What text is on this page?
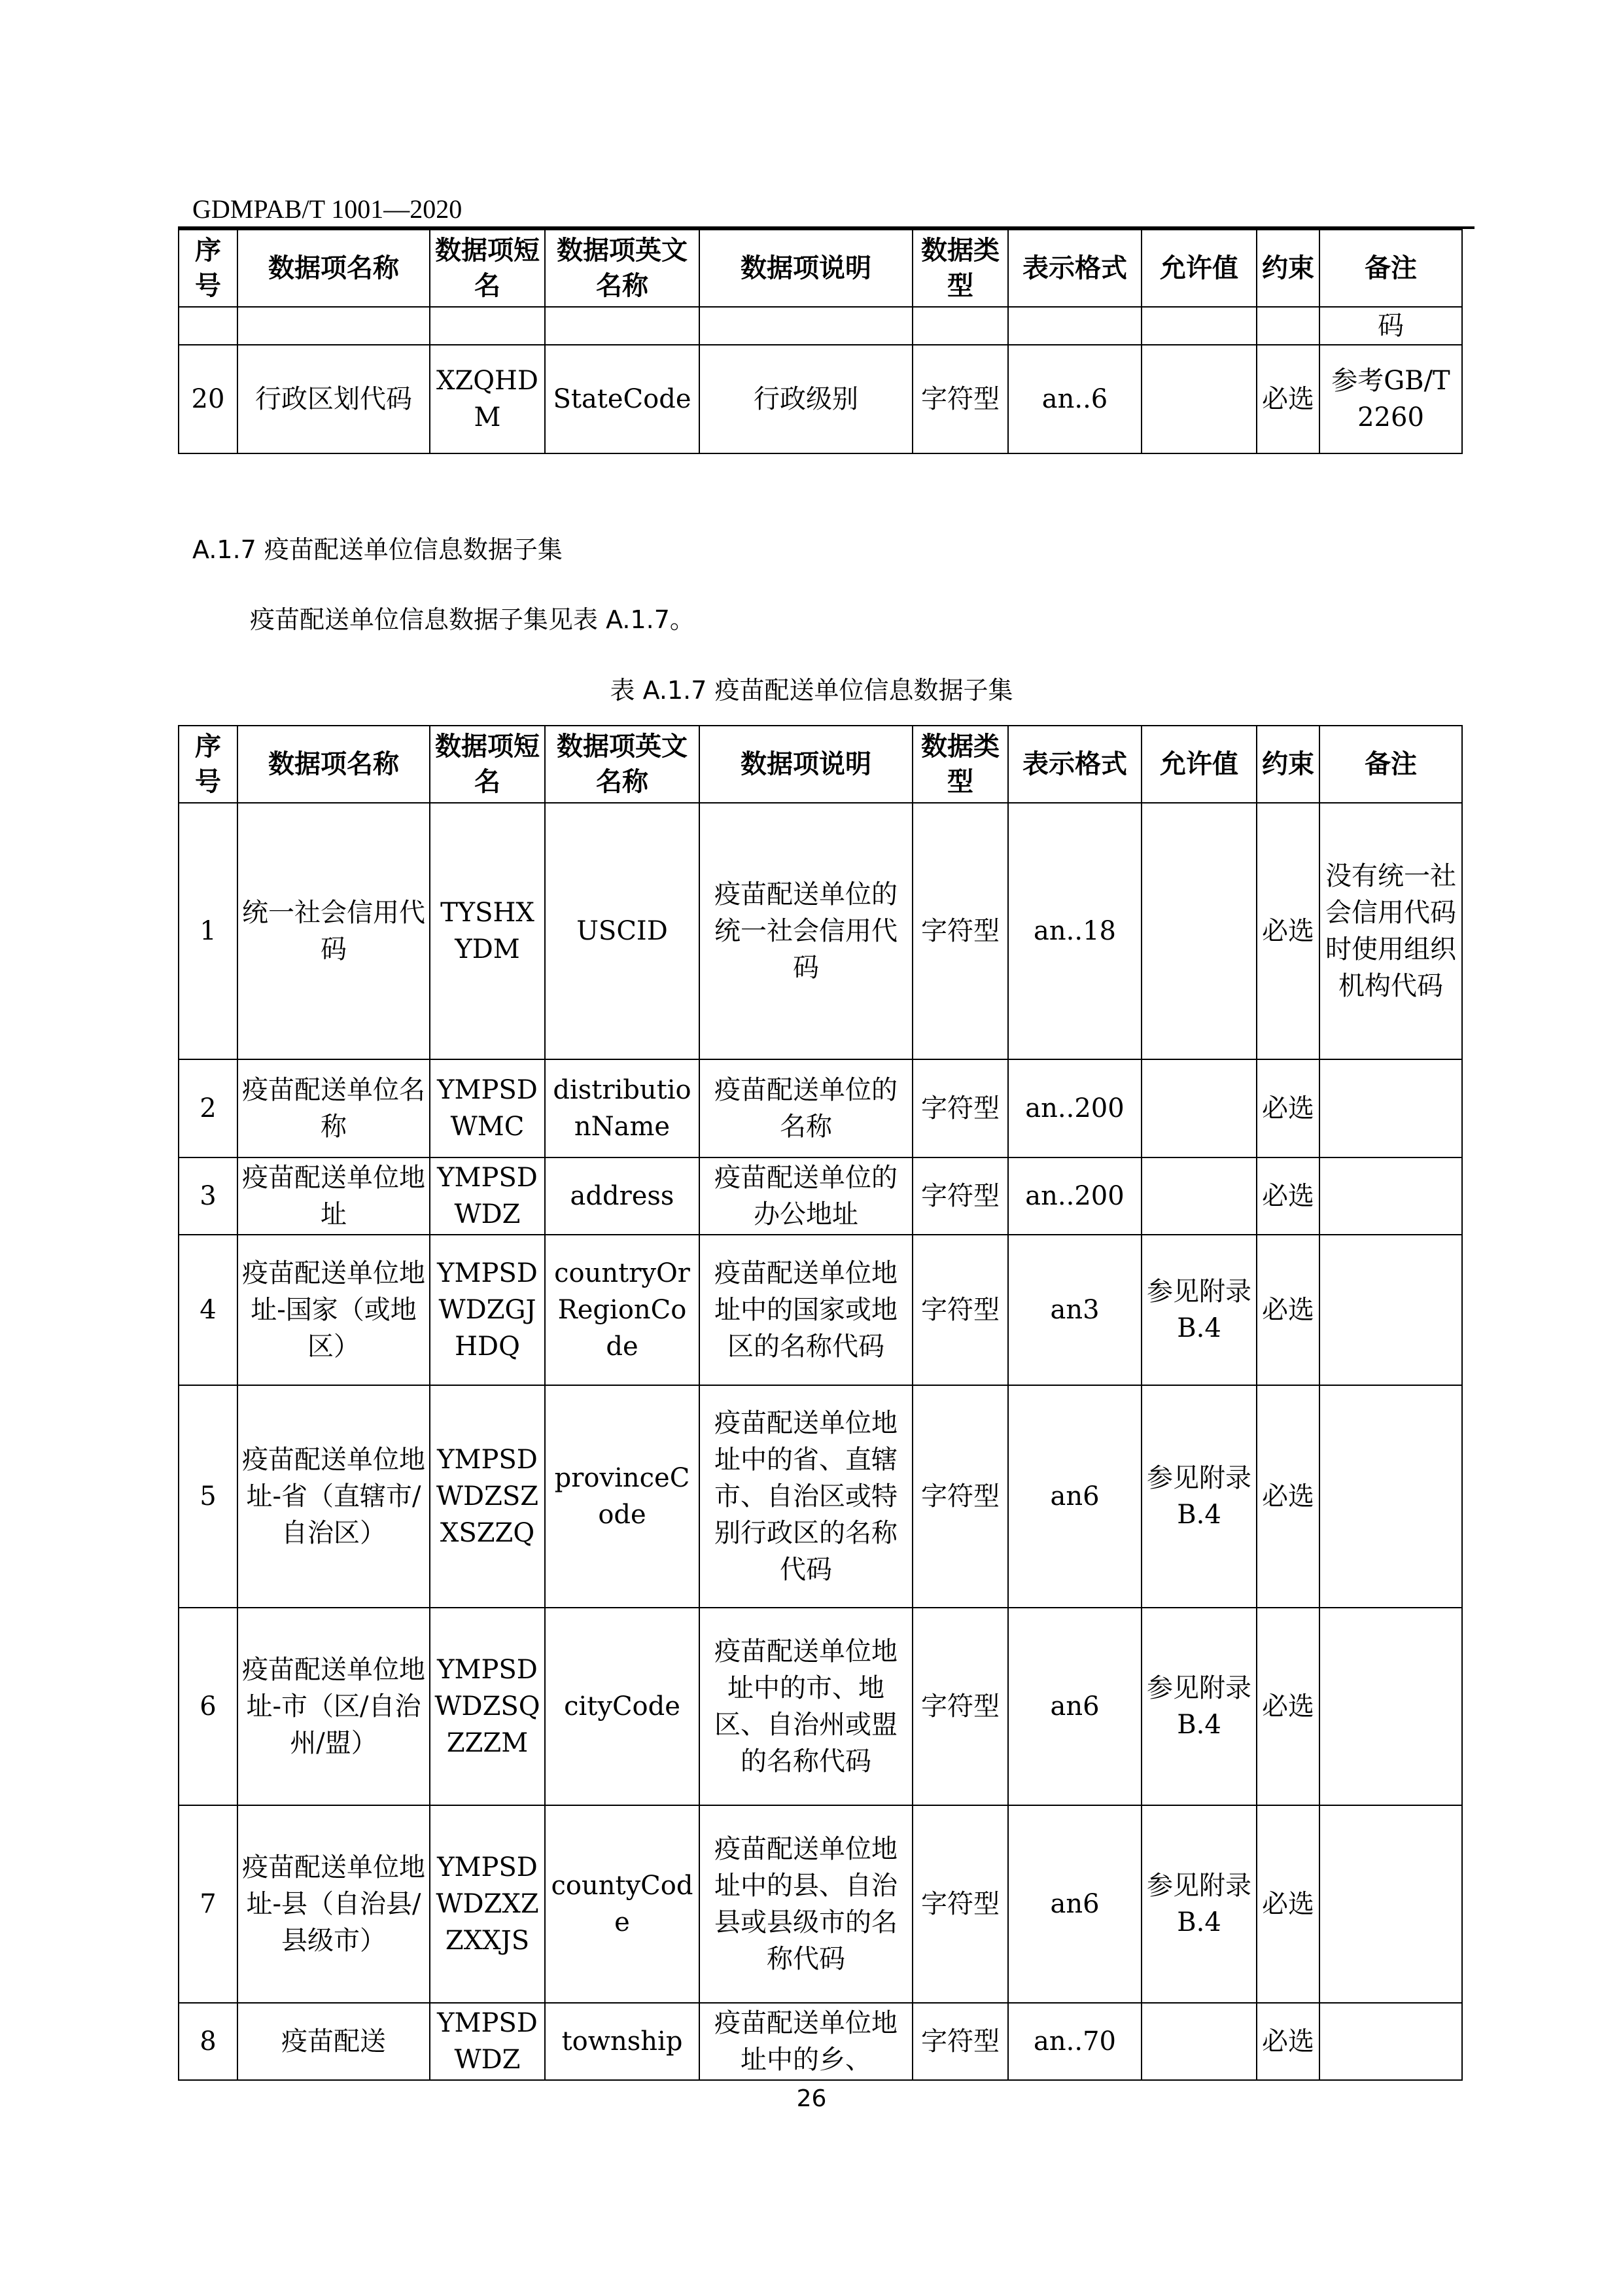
GDMPAB/T 1001—2020
序号	数据项名称	数据项短名	数据项英文名称	数据项说明	数据类型	表示格式	允许值	约束	备注
									码
20	行政区划代码	XZQHDM	StateCode	行政级别	字符型	an..6		必选	参考GB/T 2260
A.1.7 疫苗配送单位信息数据子集
疫苗配送单位信息数据子集见表 A.1.7。
表 A.1.7 疫苗配送单位信息数据子集
序号	数据项名称	数据项短名	数据项英文名称	数据项说明	数据类型	表示格式	允许值	约束	备注
1	统一社会信用代码	TYSHXYDM	USCID	疫苗配送单位的统一社会信用代码	字符型	an..18		必选	没有统一社会信用代码时使用组织机构代码
2	疫苗配送单位名称	YMPSDWMC	distributionName	疫苗配送单位的名称	字符型	an..200		必选	
3	疫苗配送单位地址	YMPSDWDZ	address	疫苗配送单位的办公地址	字符型	an..200		必选	
4	疫苗配送单位地址-国家（或地区）	YMPSDWDZGJHDQ	countryOrRegionCode	疫苗配送单位地址中的国家或地区的名称代码	字符型	an3	参见附录 B.4	必选	
5	疫苗配送单位地址-省（直辖市/自治区）	YMPSDWDZSZXSZZQ	provinceCode	疫苗配送单位地址中的省、直辖市、自治区或特别行政区的名称代码	字符型	an6	参见附录 B.4	必选	
6	疫苗配送单位地址-市（区/自治州/盟）	YMPSDWDZSQZZZM	cityCode	疫苗配送单位地址中的市、地区、自治州或盟的名称代码	字符型	an6	参见附录 B.4	必选	
7	疫苗配送单位地址-县（自治县/县级市）	YMPSDWDZXZZXXJS	countyCode	疫苗配送单位地址中的县、自治县或县级市的名称代码	字符型	an6	参见附录 B.4	必选	
8	疫苗配送	YMPSDWDZ	township	疫苗配送单位地址中的乡、	字符型	an..70		必选	
26
